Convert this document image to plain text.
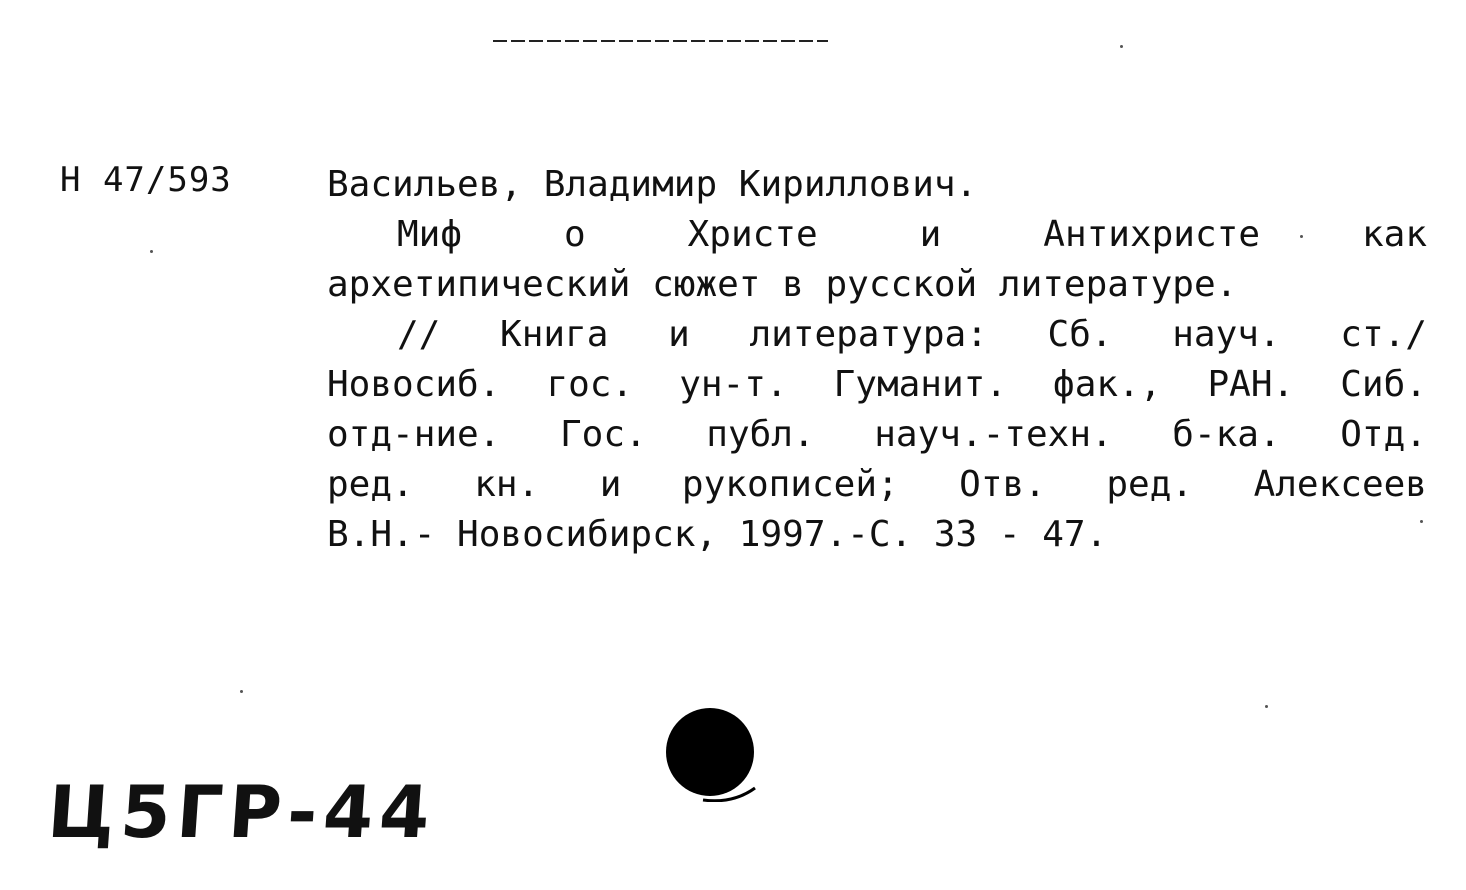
Н 47/593	Васильев, Владимир Кириллович.
Миф	о	Христе	и	Антихристе	как
архетипический сюжет в русской литературе.
// Книга и литература: Сб. науч. ст./
Новосиб. гос. ун-т. Гуманит. фак., РАН. Сиб.
отд-ние. Гос. публ. науч.-техн. б-ка. Отд.
ред. кн. и рукописей; Отв. ред. Алексеев
В.Н.- Новосибирск, 1997.-С. 33 - 47.
Ц5ГР-44
